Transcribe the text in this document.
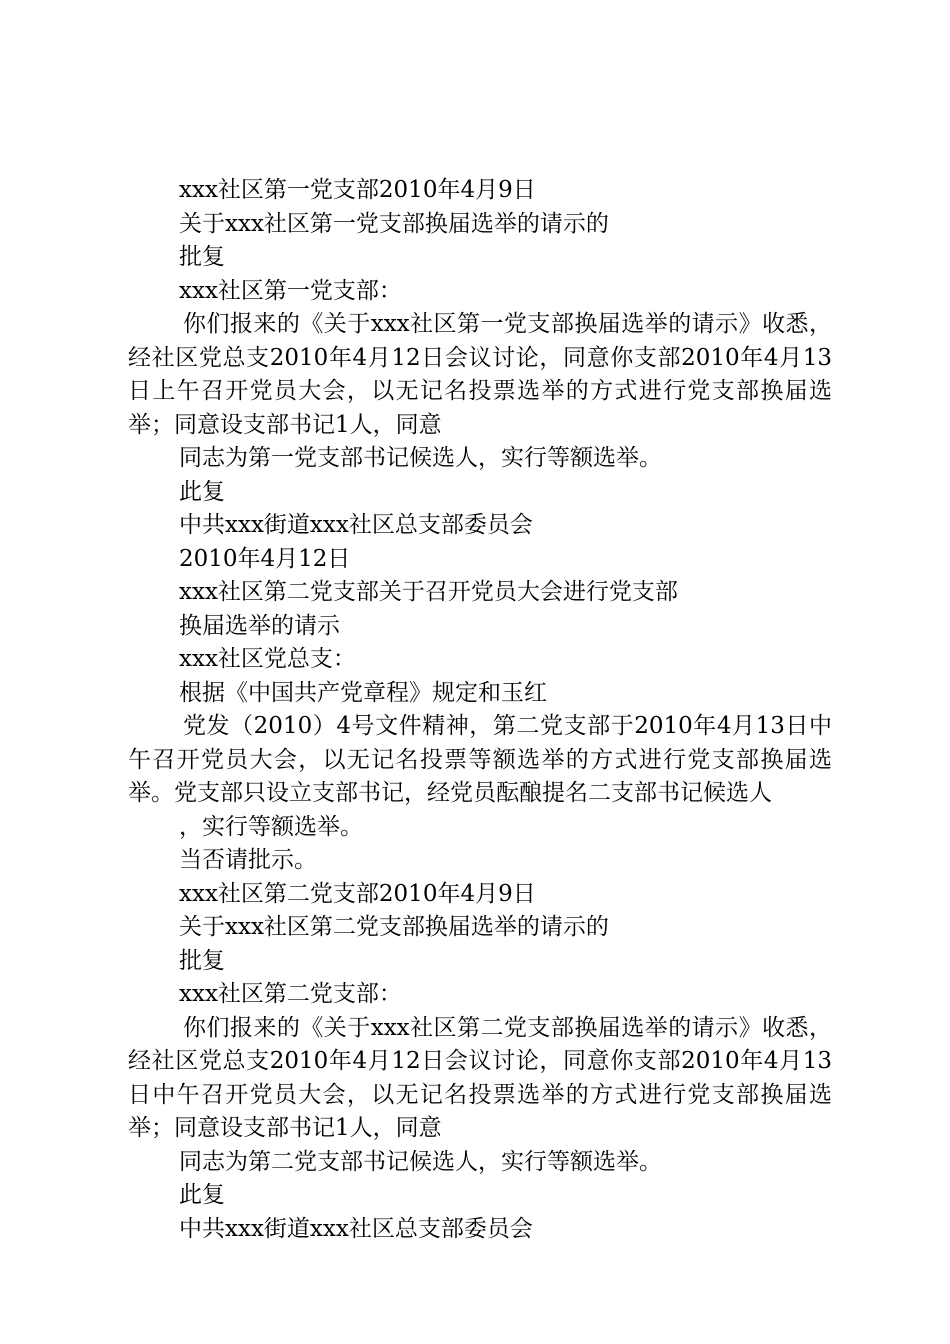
xxx社区第一党支部2010年4月9日

关于xxx社区第一党支部换届选举的请示的

批复

xxx社区第一党支部：

你们报来的《关于xxx社区第一党支部换届选举的请示》收悉，经社区党总支2010年4月12日会议讨论，同意你支部2010年4月13日上午召开党员大会，以无记名投票选举的方式进行党支部换届选举；同意设支部书记1人，同意

同志为第一党支部书记候选人，实行等额选举。

此复

中共xxx街道xxx社区总支部委员会

2010年4月12日

xxx社区第二党支部关于召开党员大会进行党支部

换届选举的请示

xxx社区党总支：

根据《中国共产党章程》规定和玉红

党发（2010）4号文件精神，第二党支部于2010年4月13日中午召开党员大会，以无记名投票等额选举的方式进行党支部换届选举。党支部只设立支部书记，经党员酝酿提名二支部书记候选人

，实行等额选举。

当否请批示。

xxx社区第二党支部2010年4月9日

关于xxx社区第二党支部换届选举的请示的

批复

xxx社区第二党支部：

你们报来的《关于xxx社区第二党支部换届选举的请示》收悉，经社区党总支2010年4月12日会议讨论，同意你支部2010年4月13日中午召开党员大会，以无记名投票选举的方式进行党支部换届选举；同意设支部书记1人，同意

同志为第二党支部书记候选人，实行等额选举。

此复

中共xxx街道xxx社区总支部委员会
